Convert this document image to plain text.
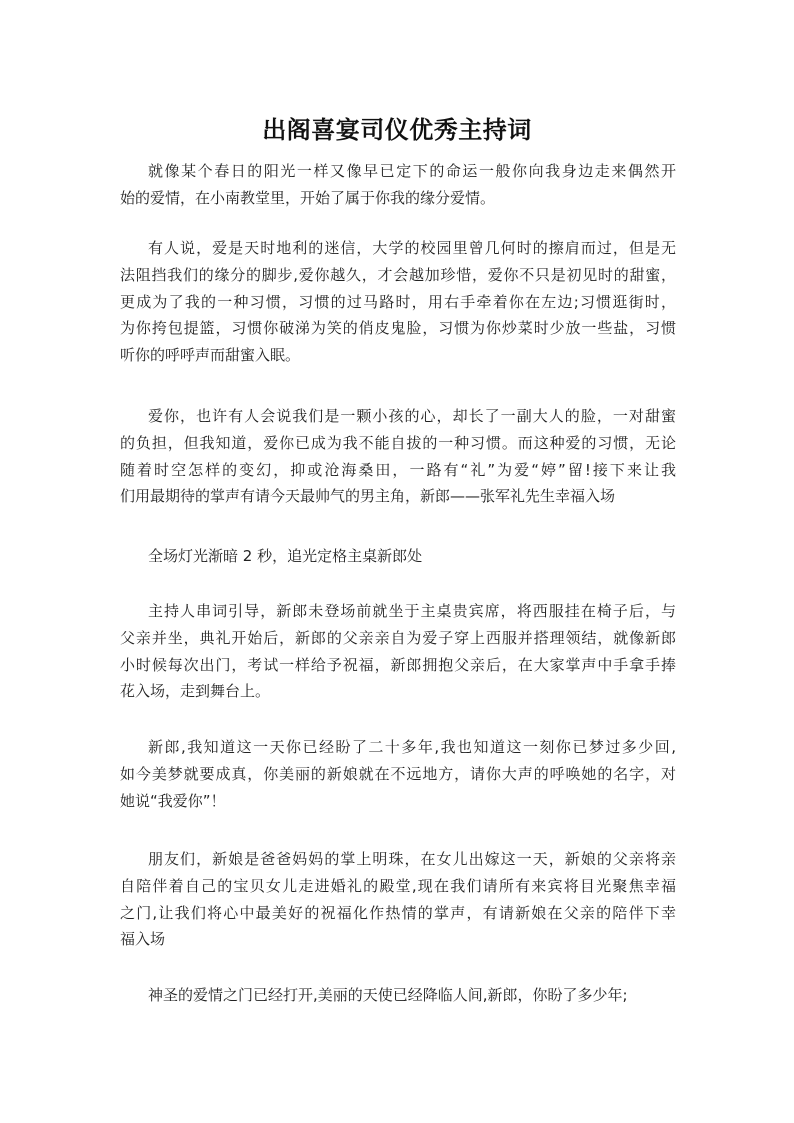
出阁喜宴司仪优秀主持词
就像某个春日的阳光一样又像早已定下的命运一般你向我身边走来偶然开
始的爱情，在小南教堂里，开始了属于你我的缘分爱情。
有人说，爱是天时地利的迷信，大学的校园里曾几何时的擦肩而过，但是无
法阻挡我们的缘分的脚步,爱你越久，才会越加珍惜，爱你不只是初见时的甜蜜，
更成为了我的一种习惯，习惯的过马路时，用右手牵着你在左边;习惯逛街时，
为你挎包提篮，习惯你破涕为笑的俏皮鬼脸，习惯为你炒菜时少放一些盐，习惯
听你的呼呼声而甜蜜入眠。
爱你，也许有人会说我们是一颗小孩的心，却长了一副大人的脸，一对甜蜜
的负担，但我知道，爱你已成为我不能自拔的一种习惯。而这种爱的习惯，无论
随着时空怎样的变幻，抑或沧海桑田，一路有“礼”为爱“婷”留!接下来让我
们用最期待的掌声有请今天最帅气的男主角，新郎——张军礼先生幸福入场
全场灯光渐暗 2 秒，追光定格主桌新郎处
主持人串词引导，新郎未登场前就坐于主桌贵宾席，将西服挂在椅子后，与
父亲并坐，典礼开始后，新郎的父亲亲自为爱子穿上西服并搭理领结，就像新郎
小时候每次出门，考试一样给予祝福，新郎拥抱父亲后，在大家掌声中手拿手捧
花入场，走到舞台上。
新郎,我知道这一天你已经盼了二十多年,我也知道这一刻你已梦过多少回,
如今美梦就要成真，你美丽的新娘就在不远地方，请你大声的呼唤她的名字，对
她说“我爱你”！
朋友们，新娘是爸爸妈妈的掌上明珠，在女儿出嫁这一天，新娘的父亲将亲
自陪伴着自己的宝贝女儿走进婚礼的殿堂,现在我们请所有来宾将目光聚焦幸福
之门,让我们将心中最美好的祝福化作热情的掌声，有请新娘在父亲的陪伴下幸
福入场
神圣的爱情之门已经打开,美丽的天使已经降临人间,新郎，你盼了多少年;
